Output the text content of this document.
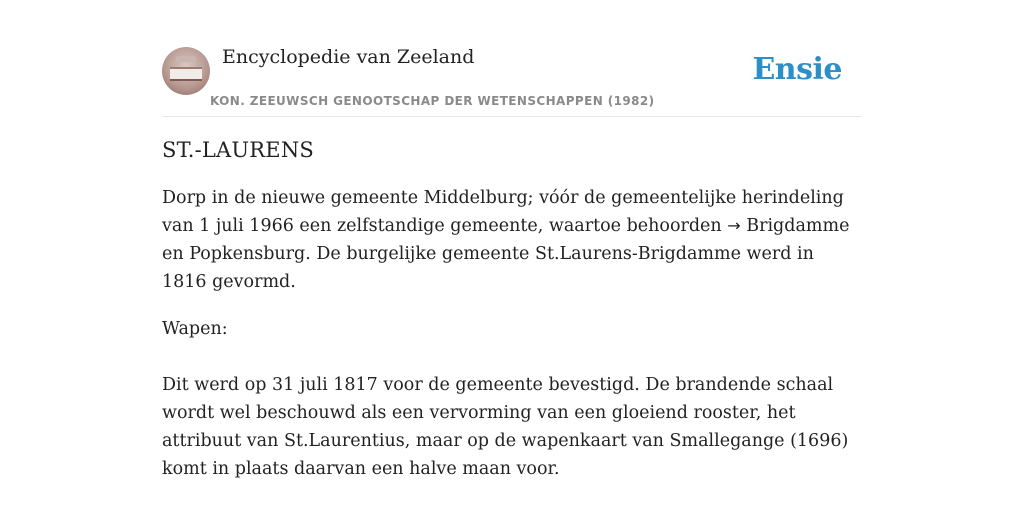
Encyclopedie van Zeeland
KON. ZEEUWSCH GENOOTSCHAP DER WETENSCHAPPEN (1982)
Ensie
ST.-LAURENS

Dorp in de nieuwe gemeente Middelburg; vóór de gemeentelijke herindeling van 1 juli 1966 een zelfstandige gemeente, waartoe behoorden → Brigdamme en Popkensburg. De burgelijke gemeente St.Laurens-Brigdamme werd in 1816 gevormd.

Wapen:

Dit werd op 31 juli 1817 voor de gemeente bevestigd. De brandende schaal wordt wel beschouwd als een vervorming van een gloeiend rooster, het attribuut van St.Laurentius, maar op de wapenkaart van Smallegange (1696) komt in plaats daarvan een halve maan voor.
